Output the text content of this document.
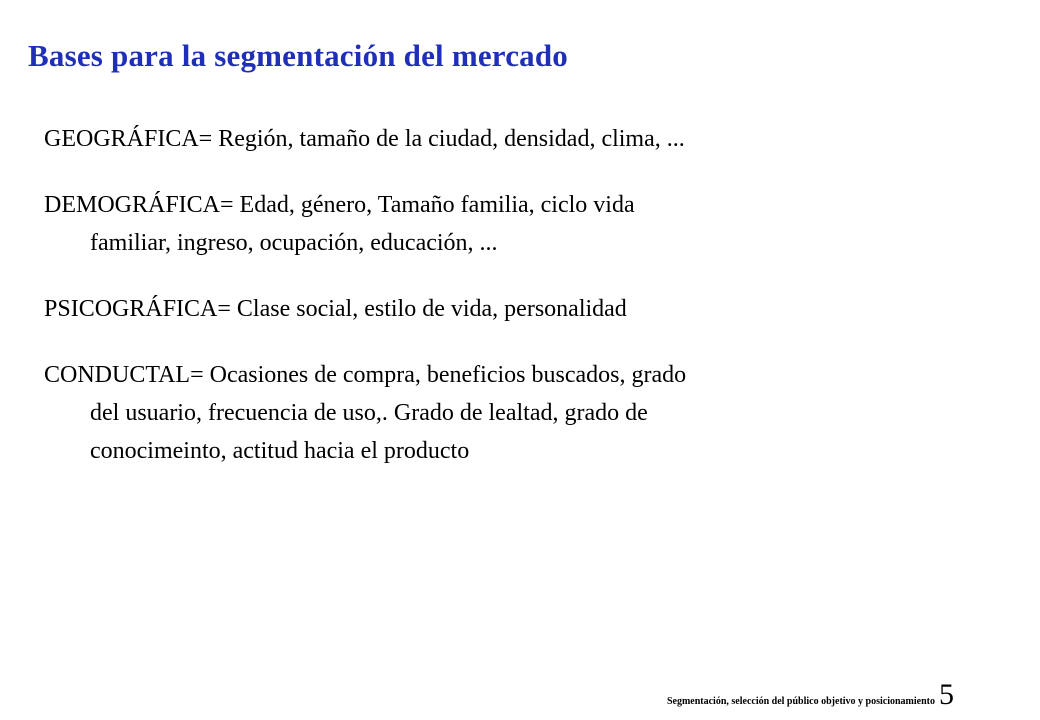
Bases para la segmentación del mercado
GEOGRÁFICA= Región, tamaño de la ciudad, densidad, clima, ...
DEMOGRÁFICA= Edad, género, Tamaño familia, ciclo vida
familiar, ingreso, ocupación, educación, ...
PSICOGRÁFICA= Clase social, estilo de vida, personalidad
CONDUCTAL= Ocasiones de compra, beneficios buscados, grado
del usuario, frecuencia de uso,. Grado de lealtad, grado de
conocimeinto, actitud hacia el producto
Segmentación, selección del público objetivo y posicionamiento 5
